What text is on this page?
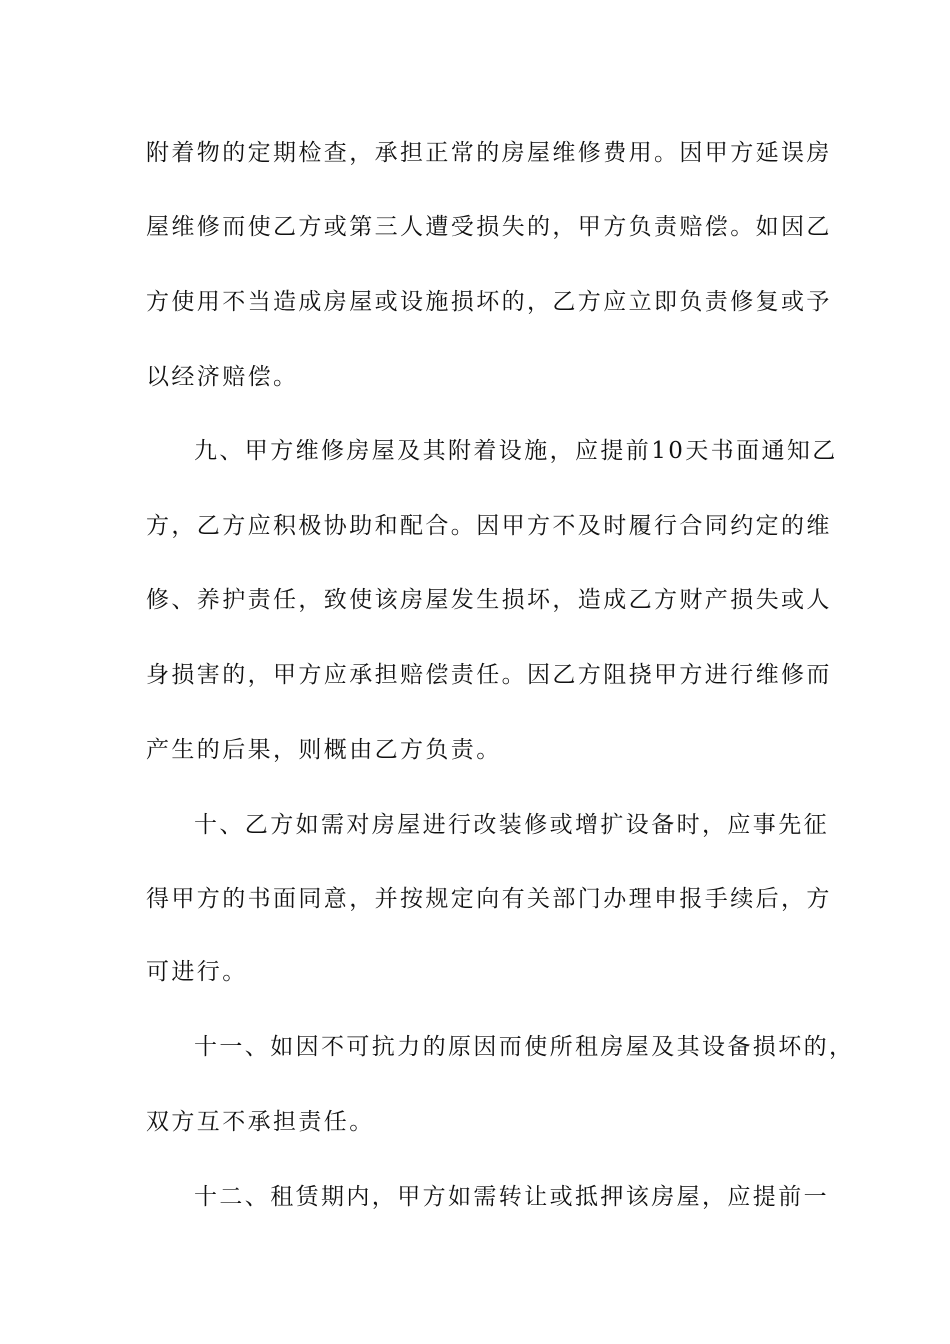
附着物的定期检查，承担正常的房屋维修费用。因甲方延误房
屋维修而使乙方或第三人遭受损失的，甲方负责赔偿。如因乙
方使用不当造成房屋或设施损坏的，乙方应立即负责修复或予
以经济赔偿。
九、甲方维修房屋及其附着设施，应提前10天书面通知乙
方，乙方应积极协助和配合。因甲方不及时履行合同约定的维
修、养护责任，致使该房屋发生损坏，造成乙方财产损失或人
身损害的，甲方应承担赔偿责任。因乙方阻挠甲方进行维修而
产生的后果，则概由乙方负责。
十、乙方如需对房屋进行改装修或增扩设备时，应事先征
得甲方的书面同意，并按规定向有关部门办理申报手续后，方
可进行。
十一、如因不可抗力的原因而使所租房屋及其设备损坏的，
双方互不承担责任。
十二、租赁期内，甲方如需转让或抵押该房屋，应提前一
